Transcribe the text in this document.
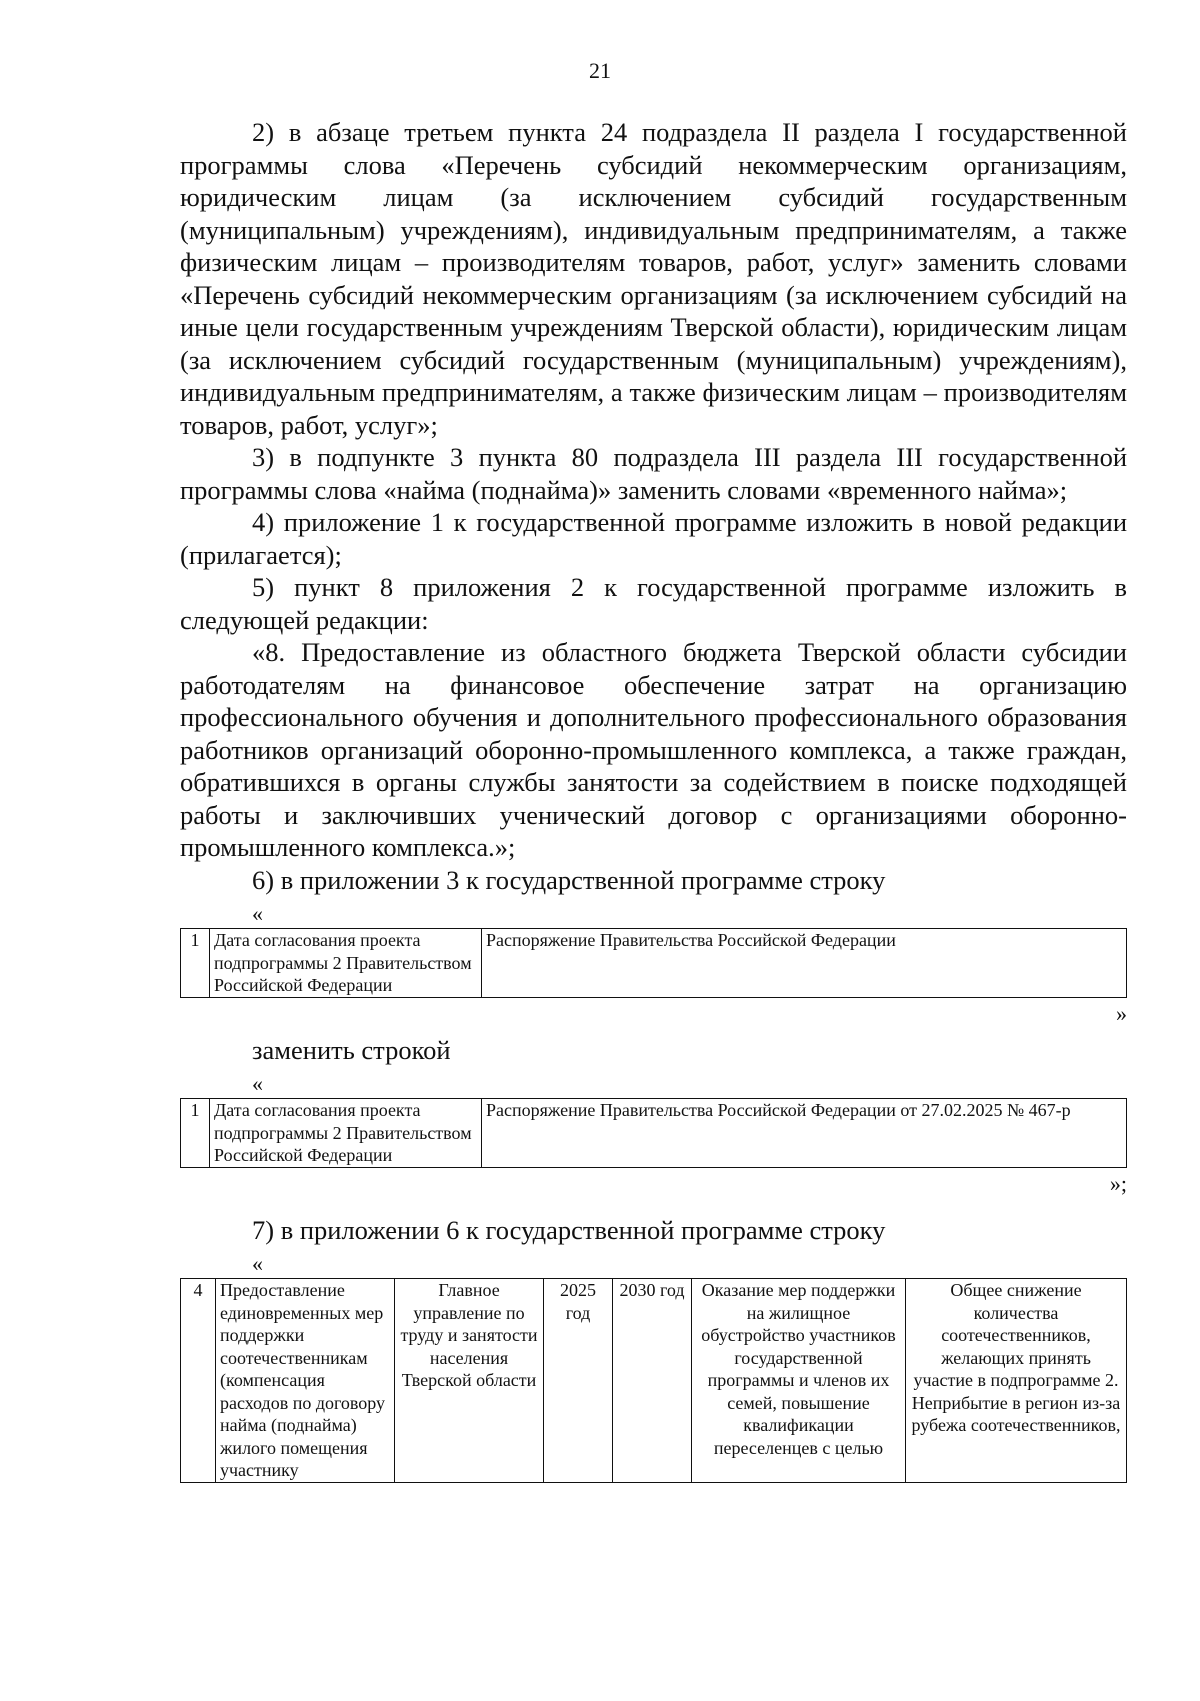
21

2) в абзаце третьем пункта 24 подраздела II раздела I государственной программы слова «Перечень субсидий некоммерческим организациям, юридическим лицам (за исключением субсидий государственным (муниципальным) учреждениям), индивидуальным предпринимателям, а также физическим лицам – производителям товаров, работ, услуг» заменить словами «Перечень субсидий некоммерческим организациям (за исключением субсидий на иные цели государственным учреждениям Тверской области), юридическим лицам (за исключением субсидий государственным (муниципальным) учреждениям), индивидуальным предпринимателям, а также физическим лицам – производителям товаров, работ, услуг»;

3) в подпункте 3 пункта 80 подраздела III раздела III государственной программы слова «найма (поднайма)» заменить словами «временного найма»;

4) приложение 1 к государственной программе изложить в новой редакции (прилагается);

5) пункт 8 приложения 2 к государственной программе изложить в следующей редакции:

«8. Предоставление из областного бюджета Тверской области субсидии работодателям на финансовое обеспечение затрат на организацию профессионального обучения и дополнительного профессионального образования работников организаций оборонно-промышленного комплекса, а также граждан, обратившихся в органы службы занятости за содействием в поиске подходящей работы и заключивших ученический договор с организациями оборонно-промышленного комплекса.»;

6) в приложении 3 к государственной программе строку

«
1	Дата согласования проекта подпрограммы 2 Правительством Российской Федерации	Распоряжение Правительства Российской Федерации
»
заменить строкой
«
1	Дата согласования проекта подпрограммы 2 Правительством Российской Федерации	Распоряжение Правительства Российской Федерации от 27.02.2025 № 467-р
»;

7) в приложении 6 к государственной программе строку

«
4	Предоставление единовременных мер поддержки соотечественникам (компенсация расходов по договору найма (поднайма) жилого помещения участнику	Главное управление по труду и занятости населения Тверской области	2025 год	2030 год	Оказание мер поддержки на жилищное обустройство участников государственной программы и членов их семей, повышение квалификации переселенцев с целью	Общее снижение количества соотечественников, желающих принять участие в подпрограмме 2. Неприбытие в регион из-за рубежа соотечественников,
